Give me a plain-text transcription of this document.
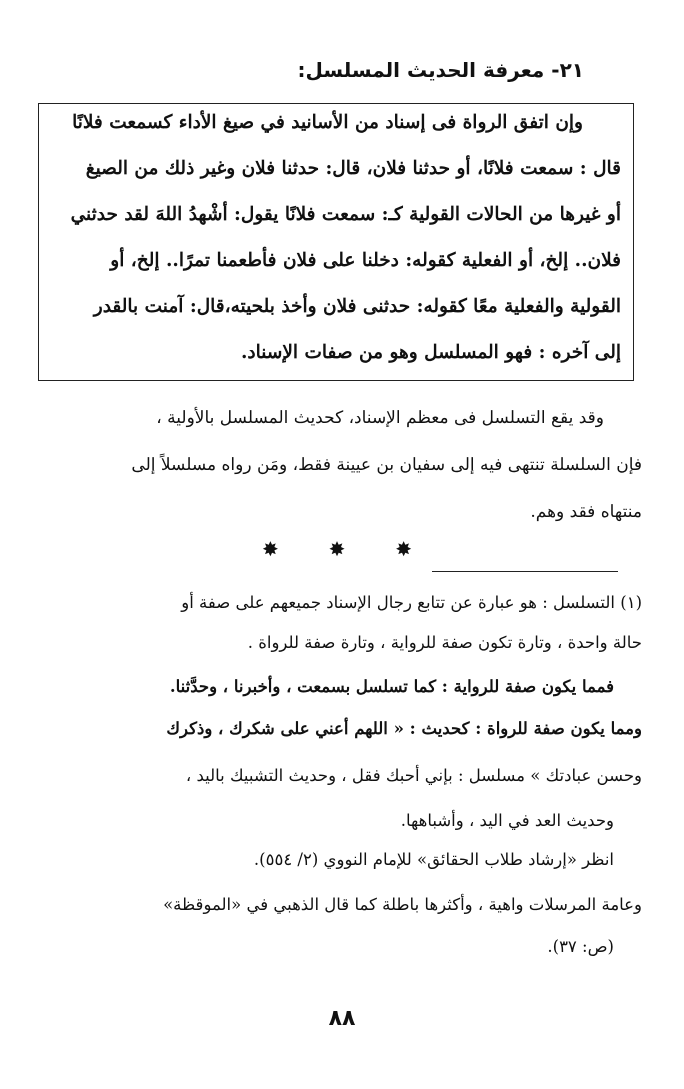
٢١- معرفة الحديث المسلسل:
وإن اتفق الرواة فى إسناد من الأسانيد في صيغ الأداء كسمعت فلانًا
قال : سمعت فلانًا، أو حدثنا فلان، قال: حدثنا فلان وغير ذلك من الصيغ
أو غيرها من الحالات القولية كـ: سمعت فلانًا يقول: أشْهدُ اللهَ لقد حدثني
فلان.. إلخ، أو الفعلية كقوله: دخلنا على فلان فأطعمنا تمرًا.. إلخ، أو
القولية والفعلية معًا كقوله: حدثنى فلان وأخذ بلحيته،قال: آمنت بالقدر
إلى آخره : فهو المسلسل وهو من صفات الإسناد.
وقد يقع التسلسل فى معظم الإسناد، كحديث المسلسل بالأولية ،
فإن السلسلة تنتهى فيه إلى سفيان بن عيينة فقط، ومَن رواه مسلسلاً إلى
منتهاه فقد وهم.
✸ ✸ ✸
(١) التسلسل : هو عبارة عن تتابع رجال الإسناد جميعهم على صفة أو
حالة واحدة ، وتارة تكون صفة للرواية ، وتارة صفة للرواة .
فمما يكون صفة للرواية : كما تسلسل بسمعت ، وأخبرنا ، وحدَّثنا.
ومما يكون صفة للرواة : كحديث : « اللهم أعني على شكرك ، وذكرك
وحسن عبادتك » مسلسل : بإني أحبك فقل ، وحديث التشبيك باليد ،
وحديث العد في اليد ، وأشباهها.
انظر «إرشاد طلاب الحقائق» للإمام النووي (٢/ ٥٥٤).
وعامة المرسلات واهية ، وأكثرها باطلة كما قال الذهبي في «الموقظة»
(ص: ٣٧).
٨٨
